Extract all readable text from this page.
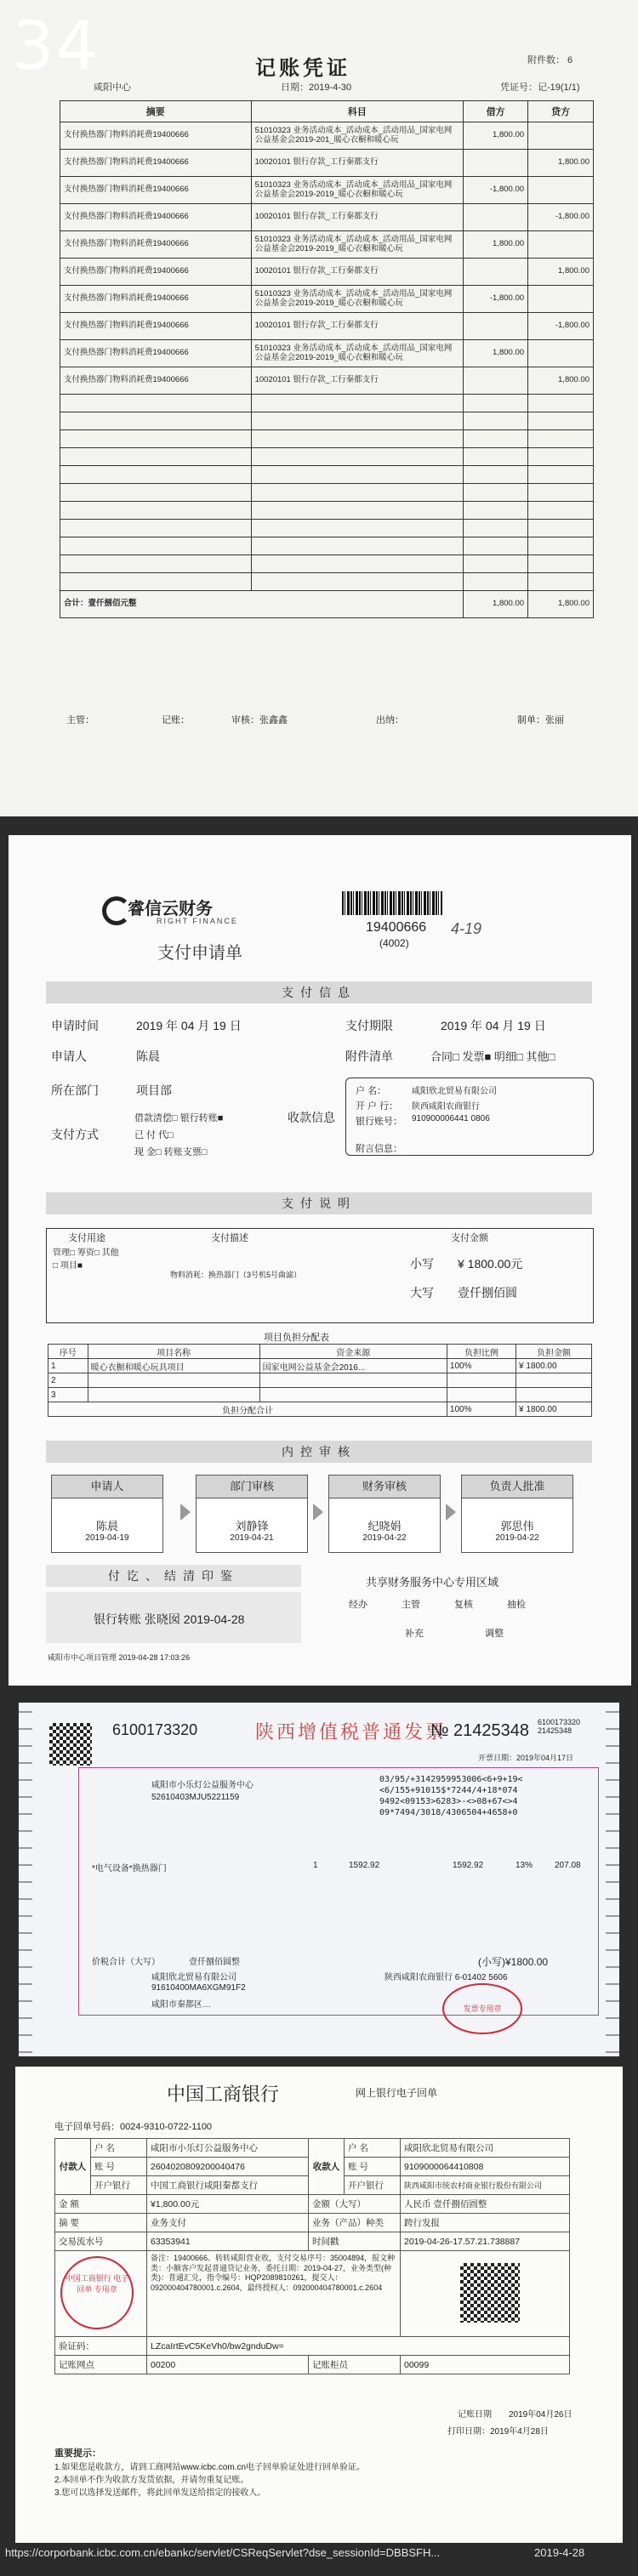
记账凭证	附件数： 6
咸阳中心	日期：2019-4-30	凭证号：记-19(1/1)
摘要	科目	借方	贷方
支付换热器门物料消耗费19400666	51010323 业务活动成本_活动成本_活动用品_国家电网公益基金会2019-201_暖心衣橱和暖心玩	1,800.00	
支付换热器门物料消耗费19400666	10020101 银行存款_工行秦都支行		1,800.00
支付换热器门物料消耗费19400666	51010323 业务活动成本_活动成本_活动用品_国家电网公益基金会2019-2019_暖心衣橱和暖心玩	-1,800.00	
支付换热器门物料消耗费19400666	10020101 银行存款_工行秦都支行		-1,800.00
支付换热器门物料消耗费19400666	51010323 业务活动成本_活动成本_活动用品_国家电网公益基金会2019-2019_暖心衣橱和暖心玩	1,800.00	
支付换热器门物料消耗费19400666	10020101 银行存款_工行秦都支行		1,800.00
支付换热器门物料消耗费19400666	51010323 业务活动成本_活动成本_活动用品_国家电网公益基金会2019-2019_暖心衣橱和暖心玩	-1,800.00	
支付换热器门物料消耗费19400666	10020101 银行存款_工行秦都支行		-1,800.00
支付换热器门物料消耗费19400666	51010323 业务活动成本_活动成本_活动用品_国家电网公益基金会2019-2019_暖心衣橱和暖心玩	1,800.00	
支付换热器门物料消耗费19400666	10020101 银行存款_工行秦都支行		1,800.00

合计：壹仟捌佰元整		1,800.00	1,800.00
主管：	记账：	审核：张鑫鑫	出纳：	制单：张丽
34
睿信云财务
RIGHT FINANCE
支付申请单
19400666
(4002)
4-19
支付信息
申请时间	2019 年 04 月 19 日	支付期限	2019 年 04 月 19 日
申请人	陈晨	附件清单	合同□ 发票■ 明细□ 其他□
所在部门	项目部
支付方式
借款清偿□ 银行转账■
已 付 代□
现 金□ 转账支票□
收款信息
户 名：	咸阳欣北贸易有限公司
开 户 行： 陕西咸阳农商银行
银行账号： 910900006441 0806
附言信息：
支付说明
支付用途
管理□ 筹资□ 其他□ 项目■
支付描述
物料消耗：换热器门（3号机5号曲滤）
支付金额
小写 ¥ 1800.00元
大写 壹仟捌佰圆
项目负担分配表
序号	项目名称	资金来源	负担比例	负担金额
1	暖心衣橱和暖心玩具项目	国家电网公益基金会2016...	100%	¥ 1800.00
2				
3				
负担分配合计			100%	¥ 1800.00
内控审核
申请人
陈晨
2019-04-19
部门审核
刘静锋
2019-04-21
财务审核
纪晓娟
2019-04-22
负责人批准
郭思伟
2019-04-22
付讫、结清印鉴
银行转账 张晓囡 2019-04-28
共享财务服务中心专用区域
经办	主管	复核	抽检
补充	调整
咸阳市中心项目管理 2019-04-28 17:03:26
6100173320	陕西增值税普通发票
№ 21425348 6100173320 21425348
开票日期：2019年04月17日
咸阳市小乐灯公益服务中心
52610403MJU5221159
03/95/+3142959953006<6+9+19< <6/155+91015$*7244/4+18*074 9492<09153>6283>-<>08+67<>4 09*7494/3018/4306504+4658+0
*电气设备*换热器门	1	1592.92	1592.92	13%	207.08
价税合计（大写）	壹仟捌佰圆整	(小写)¥1800.00
咸阳欣北贸易有限公司
91610400MA6XGM91F2
咸阳市秦都区…
陕西咸阳农商银行 6-01402 5606
发票专用章
中国工商银行	网上银行电子回单
电子回单号码：0024-9310-0722-1100
付款人	户 名	咸阳市小乐灯公益服务中心	收款人	户 名	咸阳欣北贸易有限公司
	账 号	2604020809200040476		账 号	9109000064410808
	开户银行	中国工商银行咸阳秦都支行		开户银行	陕西咸阳市统农村商业银行股份有限公司
金 额		¥1,800.00元	金额（大写）		人民币 壹仟捌佰圆整
摘 要		业务支付	业务（产品）种类		跨行发报
交易流水号		63353941	时间戳		2019-04-26-17.57.21.738887

中国工商银行 电子回单 专用章		备注：19400666。转转咸阳营业收，支付交易序号：35004894，报文种类：小额客户发起普通贷记业务，委托日期：2019-04-27，业务类型(种类)：普通汇兑，指令编号：HQP2089810261，提交人：092000404780001.c.2604，最终授权人：092000404780001.c.2604			

验证码：		LZcaIrtEvC5KeVh0/bw2gnduDw=			
记账网点		00200	记账柜员		00099
记账日期 2019年04月26日
打印日期：2019年4月28日
重要提示：
1.如果您是收款方，请到工商网站www.icbc.com.cn电子回单验证处进行回单验证。
2.本回单不作为收款方发货依据，并请勿重复记账。
3.您可以选择发送邮件，将此回单发送给指定的接收人。
https://corporbank.icbc.com.cn/ebankc/servlet/CSReqServlet?dse_sessionId=DBBSFH...	2019-4-28
